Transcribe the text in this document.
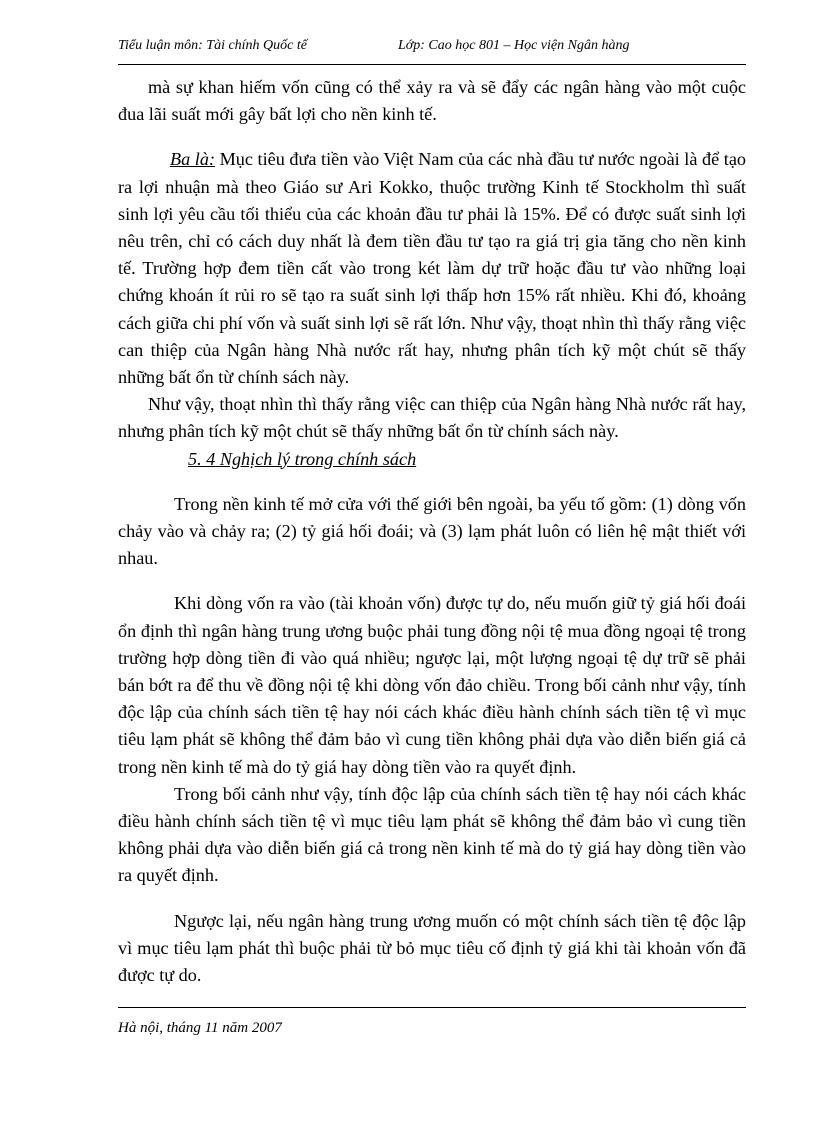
Tiểu luận môn: Tài chính Quốc tế	Lớp: Cao học 801 – Học viện Ngân hàng

mà sự khan hiếm vốn cũng có thể xảy ra và sẽ đẩy các ngân hàng vào một cuộc đua lãi suất mới gây bất lợi cho nền kinh tế.

Ba là: Mục tiêu đưa tiền vào Việt Nam của các nhà đầu tư nước ngoài là để tạo ra lợi nhuận mà theo Giáo sư Ari Kokko, thuộc trường Kinh tế Stockholm thì suất sinh lợi yêu cầu tối thiểu của các khoản đầu tư phải là 15%. Để có được suất sinh lợi nêu trên, chỉ có cách duy nhất là đem tiền đầu tư tạo ra giá trị gia tăng cho nền kinh tế. Trường hợp đem tiền cất vào trong két làm dự trữ hoặc đầu tư vào những loại chứng khoán ít rủi ro sẽ tạo ra suất sinh lợi thấp hơn 15% rất nhiều. Khi đó, khoảng cách giữa chi phí vốn và suất sinh lợi sẽ rất lớn. Như vậy, thoạt nhìn thì thấy rằng việc can thiệp của Ngân hàng Nhà nước rất hay, nhưng phân tích kỹ một chút sẽ thấy những bất ổn từ chính sách này.

Như vậy, thoạt nhìn thì thấy rằng việc can thiệp của Ngân hàng Nhà nước rất hay, nhưng phân tích kỹ một chút sẽ thấy những bất ổn từ chính sách này.

5. 4 Nghịch lý trong chính sách

Trong nền kinh tế mở cửa với thế giới bên ngoài, ba yếu tố gồm: (1) dòng vốn chảy vào và chảy ra; (2) tỷ giá hối đoái; và (3) lạm phát luôn có liên hệ mật thiết với nhau.

Khi dòng vốn ra vào (tài khoản vốn) được tự do, nếu muốn giữ tỷ giá hối đoái ổn định thì ngân hàng trung ương buộc phải tung đồng nội tệ mua đồng ngoại tệ trong trường hợp dòng tiền đi vào quá nhiều; ngược lại, một lượng ngoại tệ dự trữ sẽ phải bán bớt ra để thu về đồng nội tệ khi dòng vốn đảo chiều. Trong bối cảnh như vậy, tính độc lập của chính sách tiền tệ hay nói cách khác điều hành chính sách tiền tệ vì mục tiêu lạm phát sẽ không thể đảm bảo vì cung tiền không phải dựa vào diễn biến giá cả trong nền kinh tế mà do tỷ giá hay dòng tiền vào ra quyết định.

Trong bối cảnh như vậy, tính độc lập của chính sách tiền tệ hay nói cách khác điều hành chính sách tiền tệ vì mục tiêu lạm phát sẽ không thể đảm bảo vì cung tiền không phải dựa vào diễn biến giá cả trong nền kinh tế mà do tỷ giá hay dòng tiền vào ra quyết định.

Ngược lại, nếu ngân hàng trung ương muốn có một chính sách tiền tệ độc lập vì mục tiêu lạm phát thì buộc phải từ bỏ mục tiêu cố định tỷ giá khi tài khoản vốn đã được tự do.

Hà nội, tháng 11 năm 2007
